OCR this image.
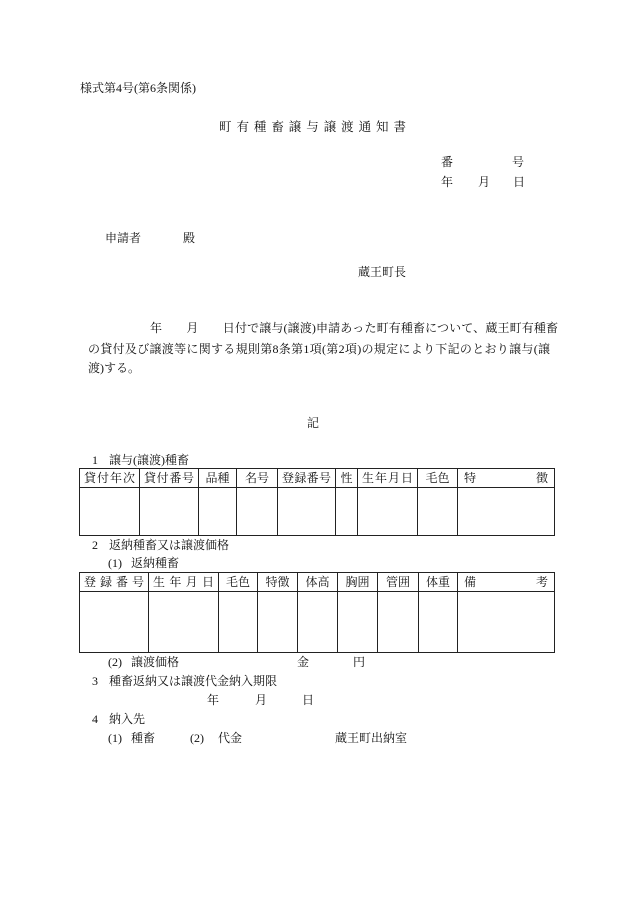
様式第4号(第6条関係)
町 有 種 畜 譲 与 譲 渡 通 知 書
番	号
年 月 日
申請者	殿
蔵王町長
年　　月　　日付で譲与(譲渡)申請あった町有種畜について、蔵王町有種畜
の貸付及び譲渡等に関する規則第8条第1項(第2項)の規定により下記のとおり譲与(譲
渡)する。
記
1 譲与(譲渡)種畜
貸付年次	貸付番号	品種	名号	登録番号	性	生年月日	毛色	特徴

2 返納種畜又は譲渡価格
(1) 返納種畜
登録番号	生年月日	毛色	特徴	体高	胸囲	管囲	体重	備考

(2) 譲渡価格	金	円
3 種畜返納又は譲渡代金納入期限
年	月	日
4 納入先
(1) 種畜	(2) 代金	蔵王町出納室
